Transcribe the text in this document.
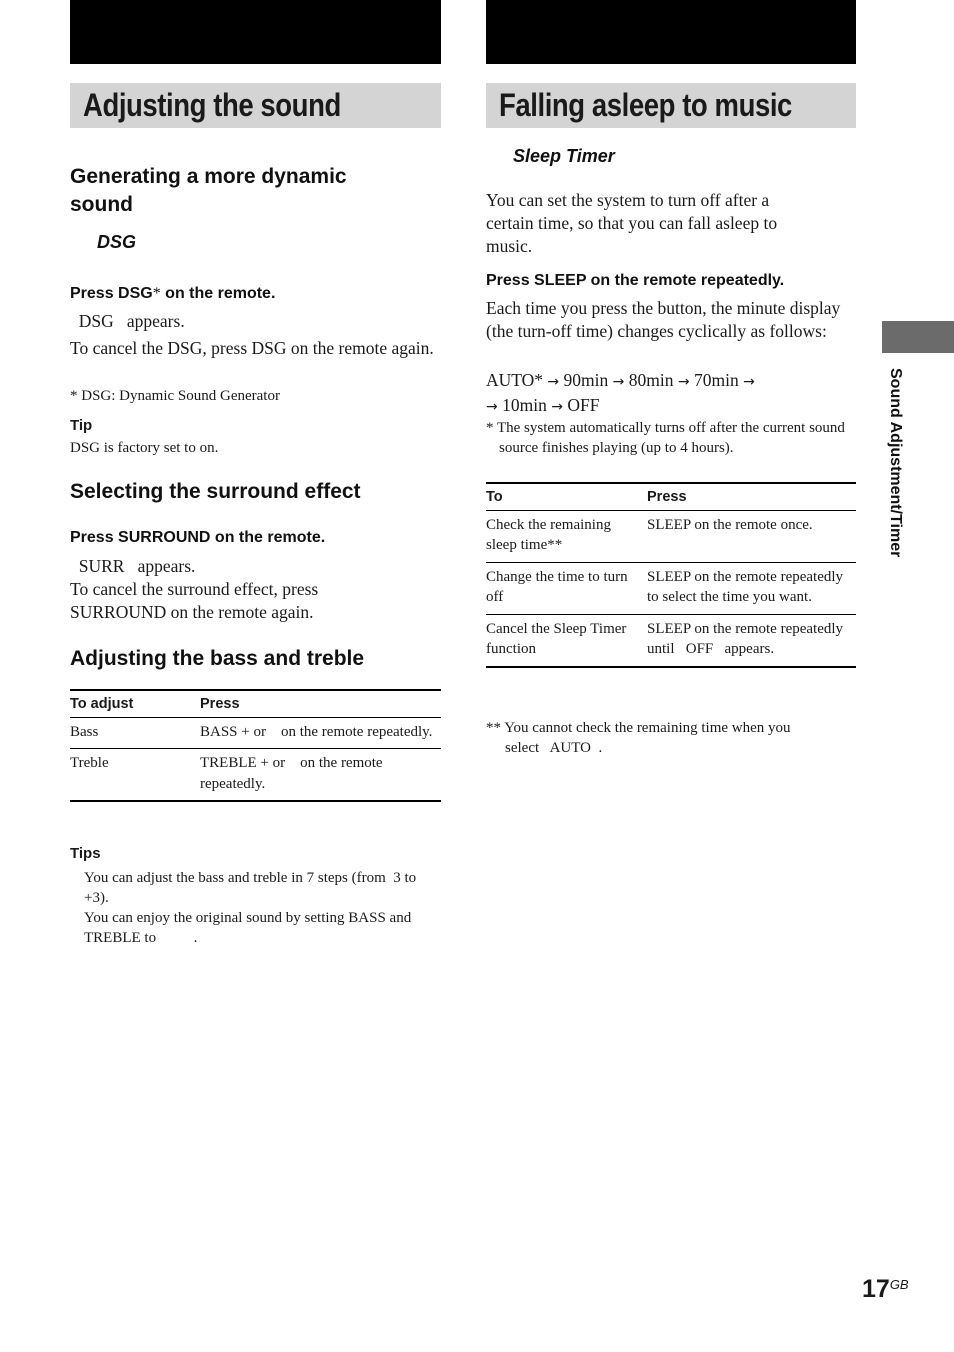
Adjusting the sound	Falling asleep to music
Generating a more dynamic
sound
DSG
Press DSG* on the remote.
DSG   appears.
To cancel the DSG, press DSG on the remote again.
* DSG: Dynamic Sound Generator
Tip
DSG is factory set to on.
Selecting the surround effect
Press SURROUND on the remote.
SURR   appears.
To cancel the surround effect, press
SURROUND on the remote again.
Adjusting the bass and treble
To adjust	Press
Bass	BASS + or    on the remote repeatedly.
Treble	TREBLE + or    on the remote repeatedly.
Tips
You can adjust the bass and treble in 7 steps (from  3 to +3).
You can enjoy the original sound by setting BASS and TREBLE to          .
Sleep Timer
You can set the system to turn off after a certain time, so that you can fall asleep to music.
Press SLEEP on the remote repeatedly.
Each time you press the button, the minute display (the turn-off time) changes cyclically as follows:
AUTO* → 90min → 80min → 70min →
→ 10min → OFF
* The system automatically turns off after the current sound source finishes playing (up to 4 hours).
To	Press
Check the remaining sleep time**	SLEEP on the remote once.
Change the time to turn off	SLEEP on the remote repeatedly to select the time you want.
Cancel the Sleep Timer function	SLEEP on the remote repeatedly until   OFF   appears.
** You cannot check the remaining time when you
select   AUTO  .
Sound Adjustment/Timer
$17^{GB}$
